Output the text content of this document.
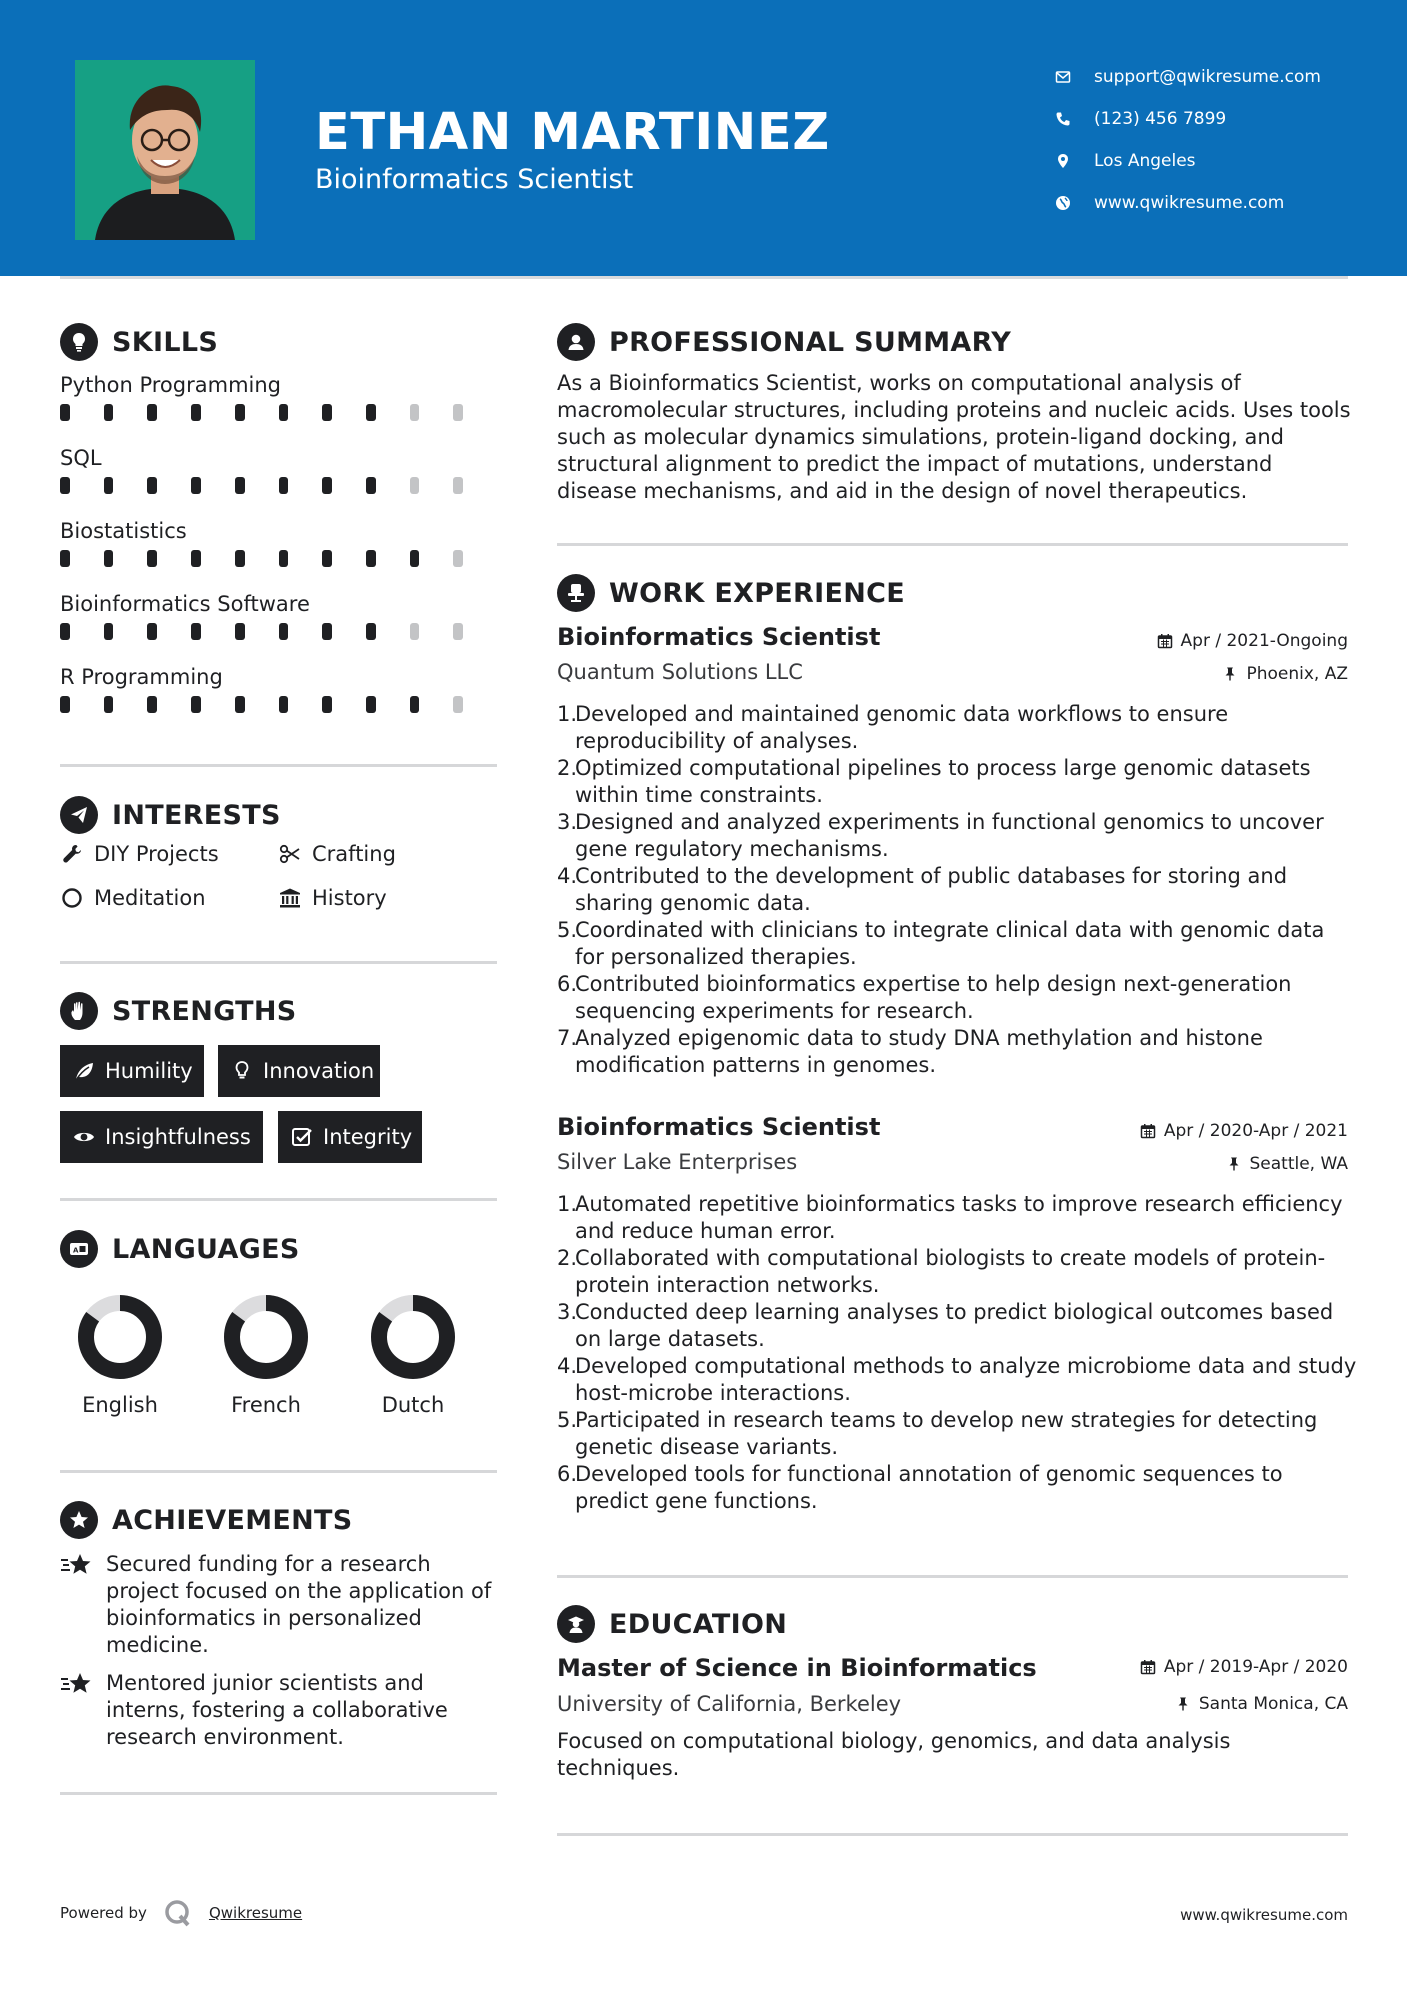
ETHAN MARTINEZ
Bioinformatics Scientist
support@qwikresume.com
(123) 456 7899
Los Angeles
www.qwikresume.com
SKILLS
Python Programming
SQL
Biostatistics
Bioinformatics Software
R Programming
INTERESTS
DIY Projects	Crafting
Meditation	History
STRENGTHS
Humility	Innovation
Insightfulness	Integrity
A LANGUAGES
English	French	Dutch
ACHIEVEMENTS
Secured funding for a research project focused on the application of bioinformatics in personalized medicine.
Mentored junior scientists and interns, fostering a collaborative research environment.
PROFESSIONAL SUMMARY
As a Bioinformatics Scientist, works on computational analysis of macromolecular structures, including proteins and nucleic acids. Uses tools such as molecular dynamics simulations, protein-ligand docking, and structural alignment to predict the impact of mutations, understand disease mechanisms, and aid in the design of novel therapeutics.
WORK EXPERIENCE
Bioinformatics Scientist	Apr / 2021-Ongoing
Quantum Solutions LLC	Phoenix, AZ
1.
Developed and maintained genomic data workflows to ensure reproducibility of analyses.
2.
Optimized computational pipelines to process large genomic datasets within time constraints.
3.
Designed and analyzed experiments in functional genomics to uncover gene regulatory mechanisms.
4.
Contributed to the development of public databases for storing and sharing genomic data.
5.
Coordinated with clinicians to integrate clinical data with genomic data for personalized therapies.
6.
Contributed bioinformatics expertise to help design next-generation sequencing experiments for research.
7.
Analyzed epigenomic data to study DNA methylation and histone modification patterns in genomes.
Bioinformatics Scientist	Apr / 2020-Apr / 2021
Silver Lake Enterprises	Seattle, WA
1.
Automated repetitive bioinformatics tasks to improve research efficiency and reduce human error.
2.
Collaborated with computational biologists to create models of protein-protein interaction networks.
3.
Conducted deep learning analyses to predict biological outcomes based on large datasets.
4.
Developed computational methods to analyze microbiome data and study host-microbe interactions.
5.
Participated in research teams to develop new strategies for detecting genetic disease variants.
6.
Developed tools for functional annotation of genomic sequences to predict gene functions.
EDUCATION
Master of Science in Bioinformatics	Apr / 2019-Apr / 2020
University of California, Berkeley	Santa Monica, CA
Focused on computational biology, genomics, and data analysis techniques.
Powered by	Qwikresume	www.qwikresume.com
